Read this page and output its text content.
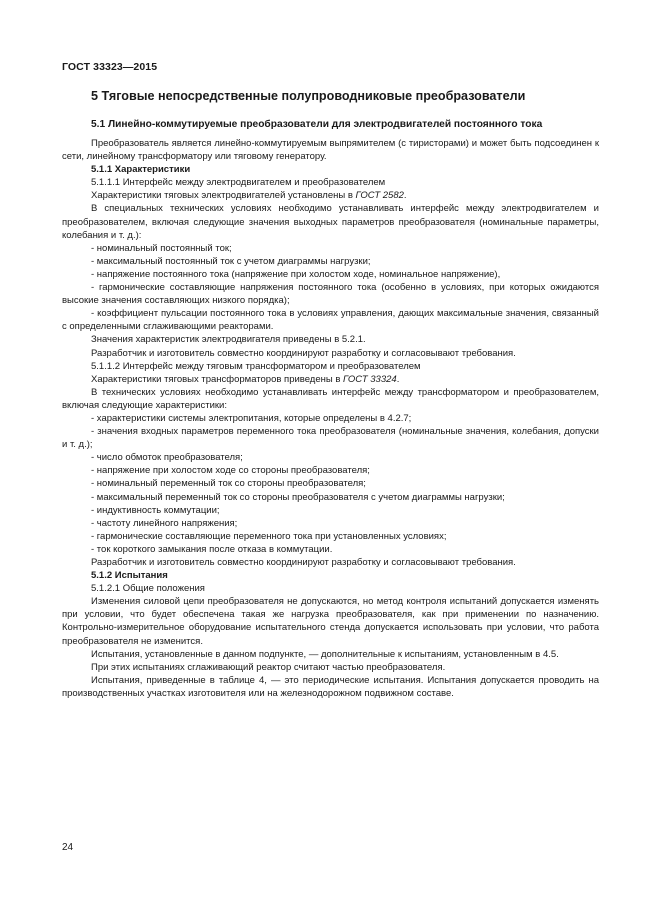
ГОСТ 33323—2015
5 Тяговые непосредственные полупроводниковые преобразователи
5.1 Линейно-коммутируемые преобразователи для электродвигателей постоянного тока

Преобразователь является линейно-коммутируемым выпрямителем (с тиристорами) и может быть подсоединен к сети, линейному трансформатору или тяговому генератору.

5.1.1 Характеристики

5.1.1.1 Интерфейс между электродвигателем и преобразователем

Характеристики тяговых электродвигателей установлены в ГОСТ 2582.

В специальных технических условиях необходимо устанавливать интерфейс между электродвигателем и преобразователем, включая следующие значения выходных параметров преобразователя (номинальные параметры, колебания и т. д.):

- номинальный постоянный ток;

- максимальный постоянный ток с учетом диаграммы нагрузки;

- напряжение постоянного тока (напряжение при холостом ходе, номинальное напряжение),

- гармонические составляющие напряжения постоянного тока (особенно в условиях, при которых ожидаются высокие значения составляющих низкого порядка);

- коэффициент пульсации постоянного тока в условиях управления, дающих максимальные значения, связанный с определенными сглаживающими реакторами.

Значения характеристик электродвигателя приведены в 5.2.1.

Разработчик и изготовитель совместно координируют разработку и согласовывают требования.

5.1.1.2 Интерфейс между тяговым трансформатором и преобразователем

Характеристики тяговых трансформаторов приведены в ГОСТ 33324.

В технических условиях необходимо устанавливать интерфейс между трансформатором и преобразователем, включая следующие характеристики:

- характеристики системы электропитания, которые определены в 4.2.7;

- значения входных параметров переменного тока преобразователя (номинальные значения, колебания, допуски и т. д.);

- число обмоток преобразователя;

- напряжение при холостом ходе со стороны преобразователя;

- номинальный переменный ток со стороны преобразователя;

- максимальный переменный ток со стороны преобразователя с учетом диаграммы нагрузки;

- индуктивность коммутации;

- частоту линейного напряжения;

- гармонические составляющие переменного тока при установленных условиях;

- ток короткого замыкания после отказа в коммутации.

Разработчик и изготовитель совместно координируют разработку и согласовывают требования.

5.1.2 Испытания

5.1.2.1 Общие положения

Изменения силовой цепи преобразователя не допускаются, но метод контроля испытаний допускается изменять при условии, что будет обеспечена такая же нагрузка преобразователя, как при применении по назначению. Контрольно-измерительное оборудование испытательного стенда допускается использовать при условии, что работа преобразователя не изменится.

Испытания, установленные в данном подпункте, — дополнительные к испытаниям, установленным в 4.5.

При этих испытаниях сглаживающий реактор считают частью преобразователя.

Испытания, приведенные в таблице 4, — это периодические испытания. Испытания допускается проводить на производственных участках изготовителя или на железнодорожном подвижном составе.

24
